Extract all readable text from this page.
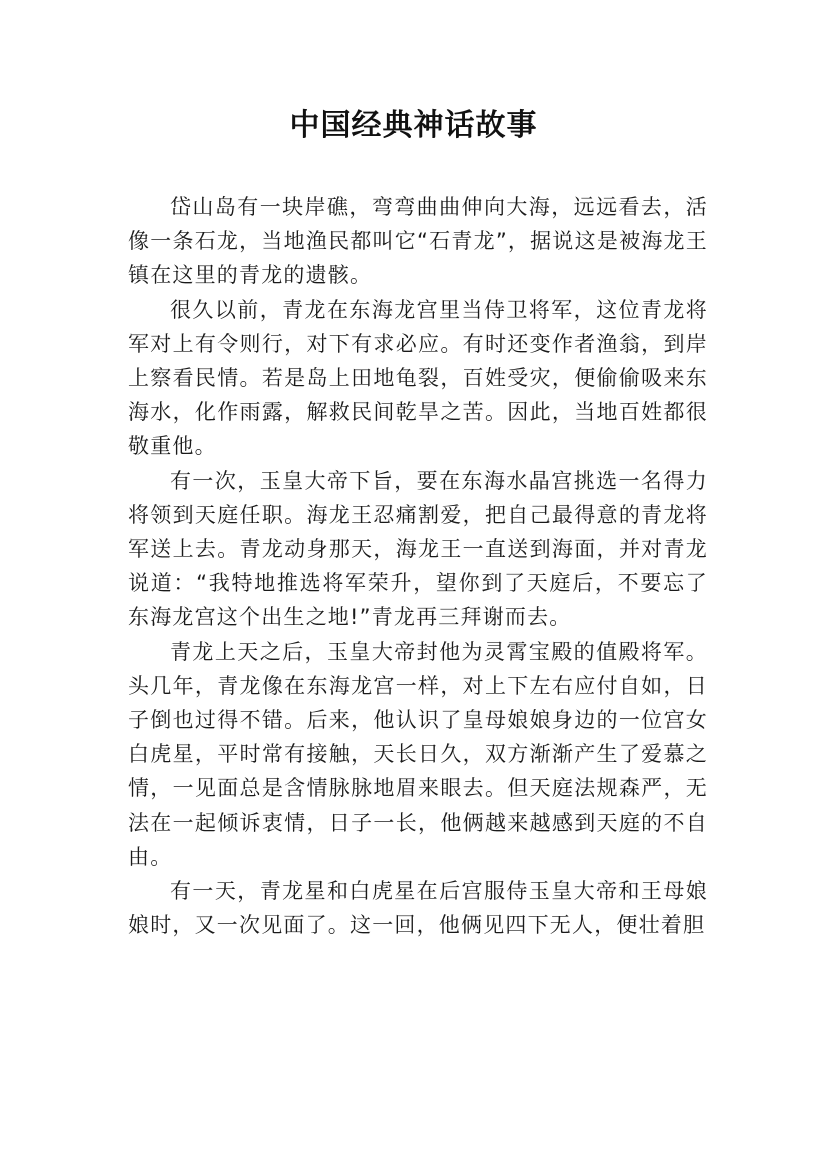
中国经典神话故事

岱山岛有一块岸礁，弯弯曲曲伸向大海，远远看去，活像一条石龙，当地渔民都叫它“石青龙”，据说这是被海龙王镇在这里的青龙的遗骸。

很久以前，青龙在东海龙宫里当侍卫将军，这位青龙将军对上有令则行，对下有求必应。有时还变作者渔翁，到岸上察看民情。若是岛上田地龟裂，百姓受灾，便偷偷吸来东海水，化作雨露，解救民间乾旱之苦。因此，当地百姓都很敬重他。

有一次，玉皇大帝下旨，要在东海水晶宫挑选一名得力将领到天庭任职。海龙王忍痛割爱，把自己最得意的青龙将军送上去。青龙动身那天，海龙王一直送到海面，并对青龙说道：“我特地推选将军荣升，望你到了天庭后，不要忘了东海龙宫这个出生之地!”青龙再三拜谢而去。

青龙上天之后，玉皇大帝封他为灵霄宝殿的值殿将军。头几年，青龙像在东海龙宫一样，对上下左右应付自如，日子倒也过得不错。后来，他认识了皇母娘娘身边的一位宫女白虎星，平时常有接触，天长日久，双方渐渐产生了爱慕之情，一见面总是含情脉脉地眉来眼去。但天庭法规森严，无法在一起倾诉衷情，日子一长，他俩越来越感到天庭的不自由。

有一天，青龙星和白虎星在后宫服侍玉皇大帝和王母娘娘时，又一次见面了。这一回，他俩见四下无人，便壮着胆
